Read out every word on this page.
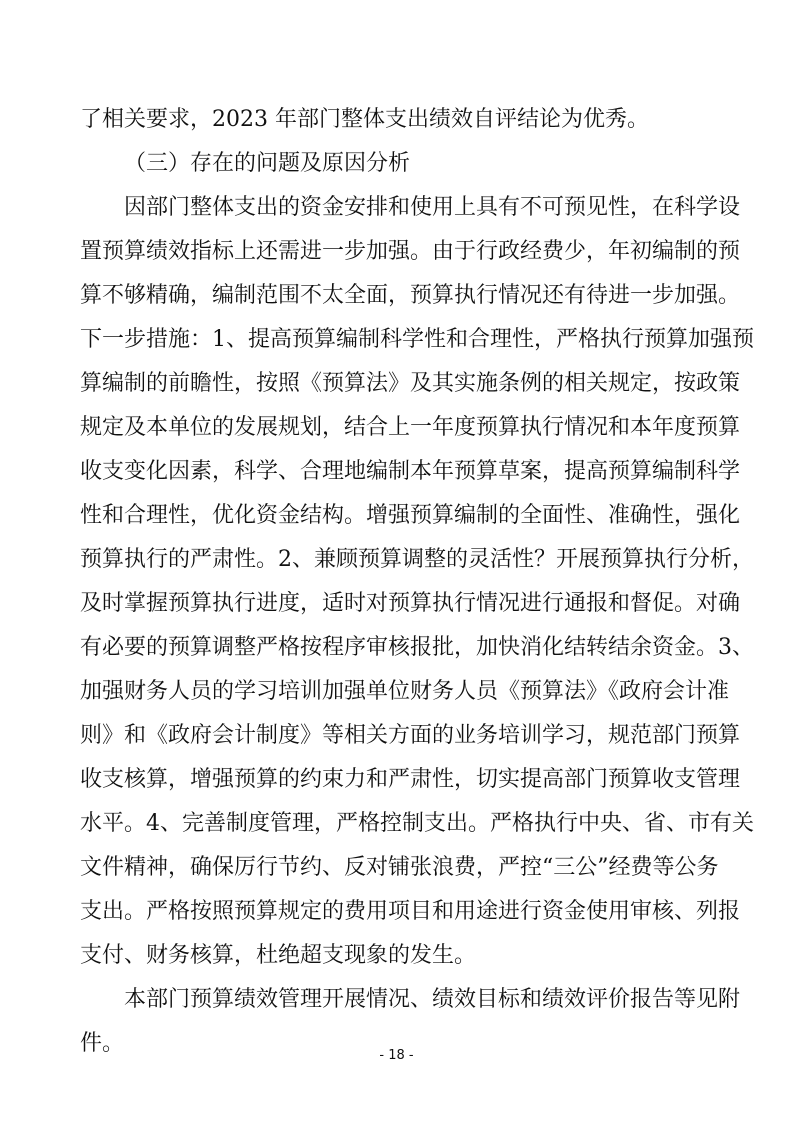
了相关要求，2023 年部门整体支出绩效自评结论为优秀。
（三）存在的问题及原因分析
因部门整体支出的资金安排和使用上具有不可预见性，在科学设
置预算绩效指标上还需进一步加强。由于行政经费少，年初编制的预
算不够精确，编制范围不太全面，预算执行情况还有待进一步加强。
下一步措施：1、提高预算编制科学性和合理性，严格执行预算加强预
算编制的前瞻性，按照《预算法》及其实施条例的相关规定，按政策
规定及本单位的发展规划，结合上一年度预算执行情况和本年度预算
收支变化因素，科学、合理地编制本年预算草案，提高预算编制科学
性和合理性，优化资金结构。增强预算编制的全面性、准确性，强化
预算执行的严肃性。2、兼顾预算调整的灵活性？开展预算执行分析，
及时掌握预算执行进度，适时对预算执行情况进行通报和督促。对确
有必要的预算调整严格按程序审核报批，加快消化结转结余资金。3、
加强财务人员的学习培训加强单位财务人员《预算法》《政府会计准
则》和《政府会计制度》等相关方面的业务培训学习，规范部门预算
收支核算，增强预算的约束力和严肃性，切实提高部门预算收支管理
水平。4、完善制度管理，严格控制支出。严格执行中央、省、市有关
文件精神，确保厉行节约、反对铺张浪费，严控“三公”经费等公务
支出。严格按照预算规定的费用项目和用途进行资金使用审核、列报
支付、财务核算，杜绝超支现象的发生。
本部门预算绩效管理开展情况、绩效目标和绩效评价报告等见附
件。	- 18 -
